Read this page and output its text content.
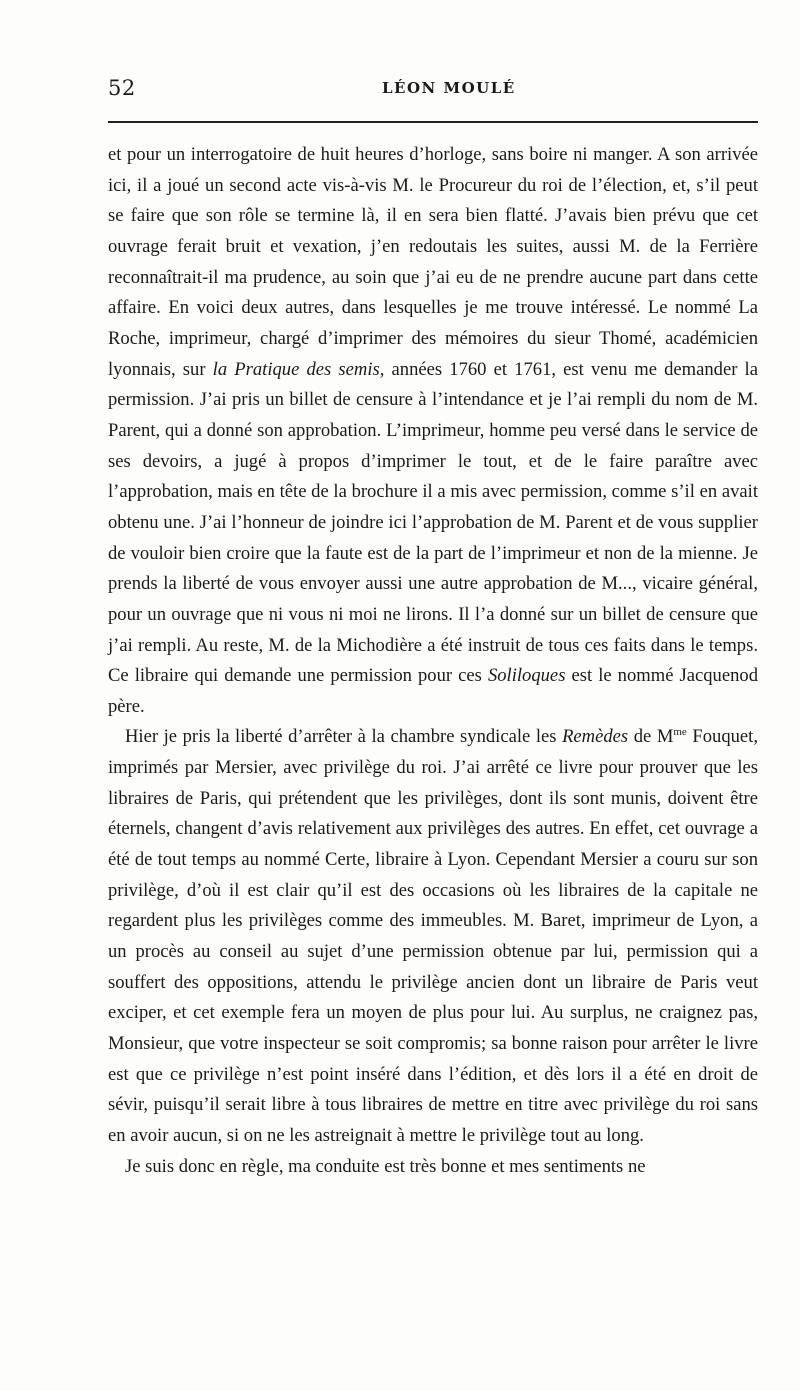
52	LÉON MOULÉ

et pour un interrogatoire de huit heures d’horloge, sans boire ni manger. A son arrivée ici, il a joué un second acte vis-à-vis M. le Procureur du roi de l’élection, et, s’il peut se faire que son rôle se termine là, il en sera bien flatté. J’avais bien prévu que cet ouvrage ferait bruit et vexation, j’en redoutais les suites, aussi M. de la Ferrière reconnaîtrait-il ma prudence, au soin que j’ai eu de ne prendre aucune part dans cette affaire. En voici deux autres, dans lesquelles je me trouve intéressé. Le nommé La Roche, imprimeur, chargé d’imprimer des mémoires du sieur Thomé, académicien lyonnais, sur la Pratique des semis, années 1760 et 1761, est venu me demander la permission. J’ai pris un billet de censure à l’intendance et je l’ai rempli du nom de M. Parent, qui a donné son approbation. L’imprimeur, homme peu versé dans le service de ses devoirs, a jugé à propos d’imprimer le tout, et de le faire paraître avec l’approbation, mais en tête de la brochure il a mis avec permission, comme s’il en avait obtenu une. J’ai l’honneur de joindre ici l’approbation de M. Parent et de vous supplier de vouloir bien croire que la faute est de la part de l’imprimeur et non de la mienne. Je prends la liberté de vous envoyer aussi une autre approbation de M..., vicaire général, pour un ouvrage que ni vous ni moi ne lirons. Il l’a donné sur un billet de censure que j’ai rempli. Au reste, M. de la Michodière a été instruit de tous ces faits dans le temps. Ce libraire qui demande une permission pour ces Soliloques est le nommé Jacquenod père.

Hier je pris la liberté d’arrêter à la chambre syndicale les Remèdes de $M^{me}$ Fouquet, imprimés par Mersier, avec privilège du roi. J’ai arrêté ce livre pour prouver que les libraires de Paris, qui prétendent que les privilèges, dont ils sont munis, doivent être éternels, changent d’avis relativement aux privilèges des autres. En effet, cet ouvrage a été de tout temps au nommé Certe, libraire à Lyon. Cependant Mersier a couru sur son privilège, d’où il est clair qu’il est des occasions où les libraires de la capitale ne regardent plus les privilèges comme des immeubles. M. Baret, imprimeur de Lyon, a un procès au conseil au sujet d’une permission obtenue par lui, permission qui a souffert des oppositions, attendu le privilège ancien dont un libraire de Paris veut exciper, et cet exemple fera un moyen de plus pour lui. Au surplus, ne craignez pas, Monsieur, que votre inspecteur se soit compromis; sa bonne raison pour arrêter le livre est que ce privilège n’est point inséré dans l’édition, et dès lors il a été en droit de sévir, puisqu’il serait libre à tous libraires de mettre en titre avec privilège du roi sans en avoir aucun, si on ne les astreignait à mettre le privilège tout au long.

Je suis donc en règle, ma conduite est très bonne et mes sentiments ne
